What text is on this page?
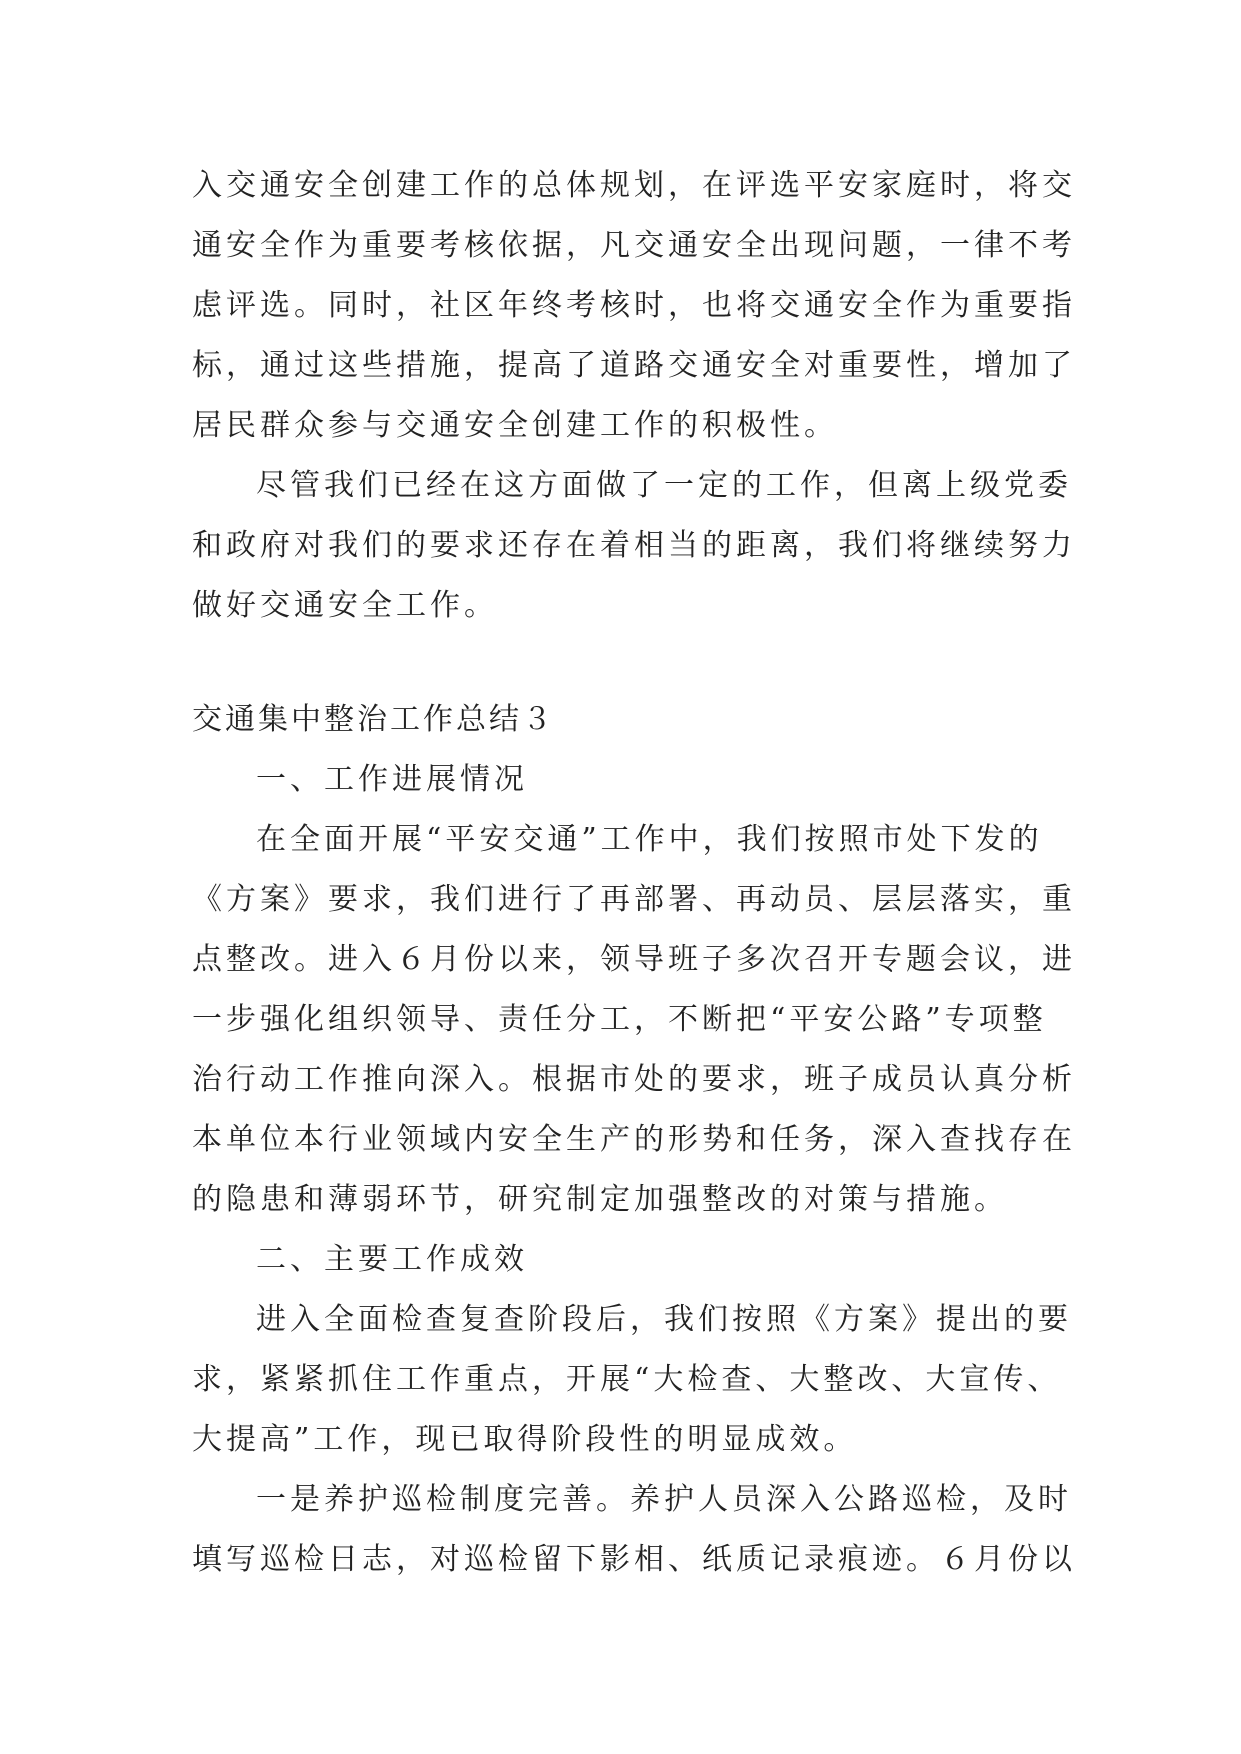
入交通安全创建工作的总体规划，在评选平安家庭时，将交
通安全作为重要考核依据，凡交通安全出现问题，一律不考
虑评选。同时，社区年终考核时，也将交通安全作为重要指
标，通过这些措施，提高了道路交通安全对重要性，增加了
居民群众参与交通安全创建工作的积极性。
尽管我们已经在这方面做了一定的工作，但离上级党委
和政府对我们的要求还存在着相当的距离，我们将继续努力
做好交通安全工作。
交通集中整治工作总结３
一、工作进展情况
在全面开展“平安交通”工作中，我们按照市处下发的
《方案》要求，我们进行了再部署、再动员、层层落实，重
点整改。进入６月份以来，领导班子多次召开专题会议，进
一步强化组织领导、责任分工，不断把“平安公路”专项整
治行动工作推向深入。根据市处的要求，班子成员认真分析
本单位本行业领域内安全生产的形势和任务，深入查找存在
的隐患和薄弱环节，研究制定加强整改的对策与措施。
二、主要工作成效
进入全面检查复查阶段后，我们按照《方案》提出的要
求，紧紧抓住工作重点，开展“大检查、大整改、大宣传、
大提高”工作，现已取得阶段性的明显成效。
一是养护巡检制度完善。养护人员深入公路巡检，及时
填写巡检日志，对巡检留下影相、纸质记录痕迹。６月份以
